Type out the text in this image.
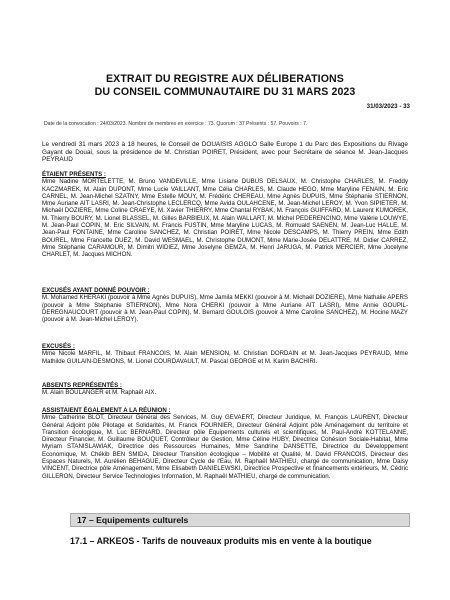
EXTRAIT DU REGISTRE AUX DÉLIBERATIONS
DU CONSEIL COMMUNAUTAIRE DU 31 MARS 2023
31/03/2023 - 33
Date de la convocation : 24/03/2023. Nombre de membres en exercice : 73. Quorum : 37 Présents : 57. Pouvoirs : 7.
Le vendredi 31 mars 2023 à 18 heures, le Conseil de DOUAISIS AGGLO Salle Europe 1 du Parc des Expositions du Rivage Gayant de Douai, sous la présidence de M. Christian POIRET, Président, avec pour Secrétaire de séance M. Jean-Jacques PEYRAUD
ÉTAIENT PRÉSENTS :
Mme Nadine MORTELETTE, M. Bruno VANDEVILLE, Mme Lisiane DUBUS DELSAUX, M. Christophe CHARLES, M. Freddy KACZMAREK, M. Alain DUPONT, Mme Lucie VAILLANT, Mme Célia CHARLES, M. Claude HEGO, Mme Maryline FENAIN, M. Eric CARNEL, M. Jean-Michel SZATNY, Mme Estelle MOUY, M. Frédéric CHEREAU, Mme Agnès DUPUIS, Mme Stéphanie STIERNON, Mme Auriane AIT LASRI, M. Jean-Christophe LECLERCQ, Mme Avida OULAHCENE, M. Jean-Michel LEROY, M. Yvon SIPIETER, M. Michaël DOZIERE, Mme Coline CRAEYE, M. Xavier THIERRY, Mme Chantal RYBAK, M. François GUIFFARD, M. Laurent KUMOREK, M. Thierry BOURY, M. Lionel BLASSEL, M. Gilles BARBIEUX, M. Alain WALLART, M. Michel PEDERENCINO, Mme Valérie LOUWYE, M. Jean-Paul COPIN, M. Eric SILVAIN, M. Francis FUSTIN, Mme Maryline LUCAS, M. Romuald SAENEN, M. Jean-Luc HALLE, M. Jean-Paul FONTAINE, Mme Caroline SANCHEZ, M. Christian POIRET, Mme Nicole DESCAMPS, M. Thierry PREIN, Mme Edith BOUREL, Mme Francette DUEZ, M. David WESMAEL, M. Christophe DUMONT, Mme Marie-Josée DELATTRE, M. Didier CARREZ, Mme Stéphanie CARAMOUR, M. Dimitri WIDIEZ, Mme Joselyne GEMZA, M. Henri JARUGA, M. Patrick MERCIER, Mme Jocelyne CHARLET, M. Jacques MICHON.
EXCUSÉS AYANT DONNÉ POUVOIR :
M. Mohamed KHERAKI (pouvoir à Mme Agnès DUPUIS), Mme Jamila MEKKI (pouvoir à M. Michaël DOZIERE), Mme Nathalie APERS (pouvoir à Mme Stéphanie STIERNON), Mme Nora CHERKI (pouvoir à Mme Auriane AIT LASRI), Mme Annie GOUPIL-DEREGNAUCOURT (pouvoir à M. Jean-Paul COPIN), M. Bernard GOULOIS (pouvoir à Mme Caroline SANCHEZ), M. Hocine MAZY (pouvoir à M. Jean-Michel LEROY).
EXCUSÉS :
Mme Nicole MARFIL, M. Thibaut FRANCOIS, M. Alain MENSION, M. Christian DORDAIN et M. Jean-Jacques PEYRAUD, Mme Mathilde GUILAIN-DESMONS, M. Lionel COURDAVAULT, M. Pascal GEORGE et M. Karim BACHIRI.
ABSENTS REPRÉSENTÉS :
M. Alain BOULANGER et M. Raphaël AIX.
ASSISTAIENT ÉGALEMENT A LA RÉUNION :
Mme Catherine BLOT, Directeur Général des Services, M. Guy GEVAERT, Directeur Juridique, M. François LAURENT, Directeur Général Adjoint pôle Pilotage et Solidarités, M. Franck FOURNIER, Directeur Général Adjoint pôle Aménagement du territoire et Transition écologique, M. Luc BERNARD, Directeur pôle Equipements culturels et scientifiques, M. Paul-André KOTTELANNE, Directeur Financier, M. Guillaume BOUQUET, Contrôleur de Gestion, Mme Céline HUBY, Directrice Cohésion Sociale-Habitat, Mme Myriam STANISLAWIAK, Directrice des Ressources Humaines, Mme Sandrine DANSETTE, Directrice du Développement Economique, M. Chékib BEN SMIDA, Directeur Transition écologique – Mobilité et Qualité, M. David FRANCOIS, Directeur des Espaces Naturels, M. Aurélien BEHAGUE, Directeur Cycle de l'Eau, M. Raphaël MATHIEU, chargé de communication, Mme Daisy VINCENT, Directrice pôle Aménagement, Mme Elisabeth DANIELEWSKI, Directrice Prospective et financements extérieurs, M. Cédric GILLERON, Directeur Service Technologies Information, M. Raphaël MATHIEU, chargé de communication.
17 – Equipements culturels
17.1 – ARKEOS - Tarifs de nouveaux produits mis en vente à la boutique
